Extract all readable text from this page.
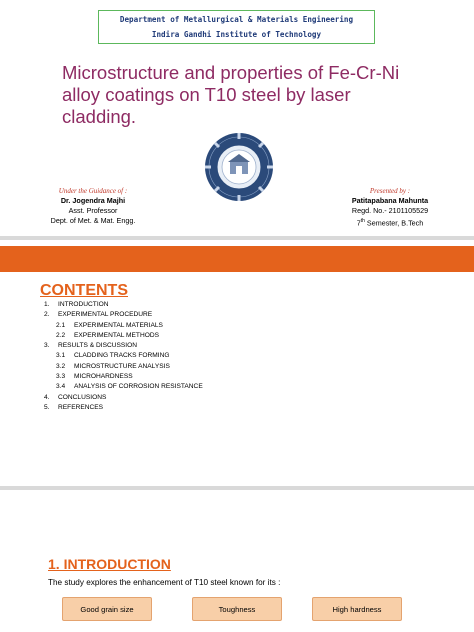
Department of Metallurgical & Materials Engineering
Indira Gandhi Institute of Technology
Microstructure and properties of Fe-Cr-Ni alloy coatings on T10 steel by laser cladding.
Under the Guidance of :
Dr. Jogendra Majhi
Asst. Professor
Dept. of Met. & Mat. Engg.
Presented by :
Patitapabana Mahunta
Regd. No.- 2101105529
7th Semester, B.Tech
CONTENTS
1. INTRODUCTION
2. EXPERIMENTAL PROCEDURE
2.1 EXPERIMENTAL MATERIALS
2.2 EXPERIMENTAL METHODS
3. RESULTS & DISCUSSION
3.1 CLADDING TRACKS FORMING
3.2 MICROSTRUCTURE ANALYSIS
3.3 MICROHARDNESS
3.4 ANALYSIS OF CORROSION RESISTANCE
4. CONCLUSIONS
5. REFERENCES
1. INTRODUCTION
The study explores the enhancement of T10 steel known for its :
Good grain size	Toughness	High hardness
